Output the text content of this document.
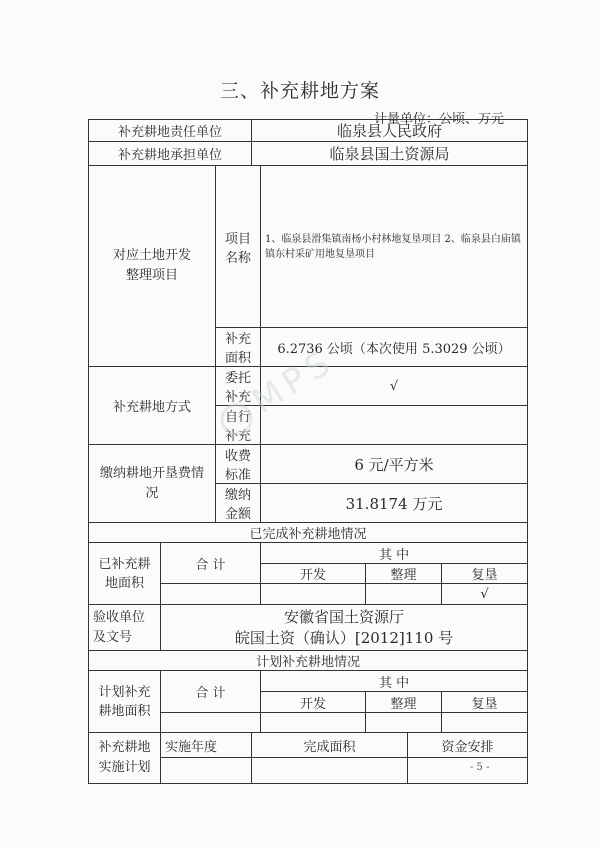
三、补充耕地方案
计量单位：公顷、万元
补充耕地责任单位			临泉县人民政府				
补充耕地承担单位			临泉县国土资源局				

对应土地开发整理项目		项目名称		1、临泉县滑集镇南杨小村林地复垦项目 2、临泉县白庙镇镇东村采矿用地复垦项目			
		补充面积		6.2736 公顷（本次使用 5.3029 公顷）			
补充耕地方式		委托补充		√			
		自行补充					

缴纳耕地开垦费情况		收费标准		6 元/平方米			
		缴纳金额		31.8174 万元			
已完成补充耕地情况							

已补充耕地面积	合 计			其 中			
				开发	整理		复垦
							√

验收单位及文号	安徽省国土资源厅
皖国土资（确认）[2012]110 号						

计划补充耕地情况							

计划补充耕地面积	合 计			其 中			
				开发	整理		复垦

补充耕地实施计划	实施年度		完成面积			资金安排	

MPS
- 5 -
